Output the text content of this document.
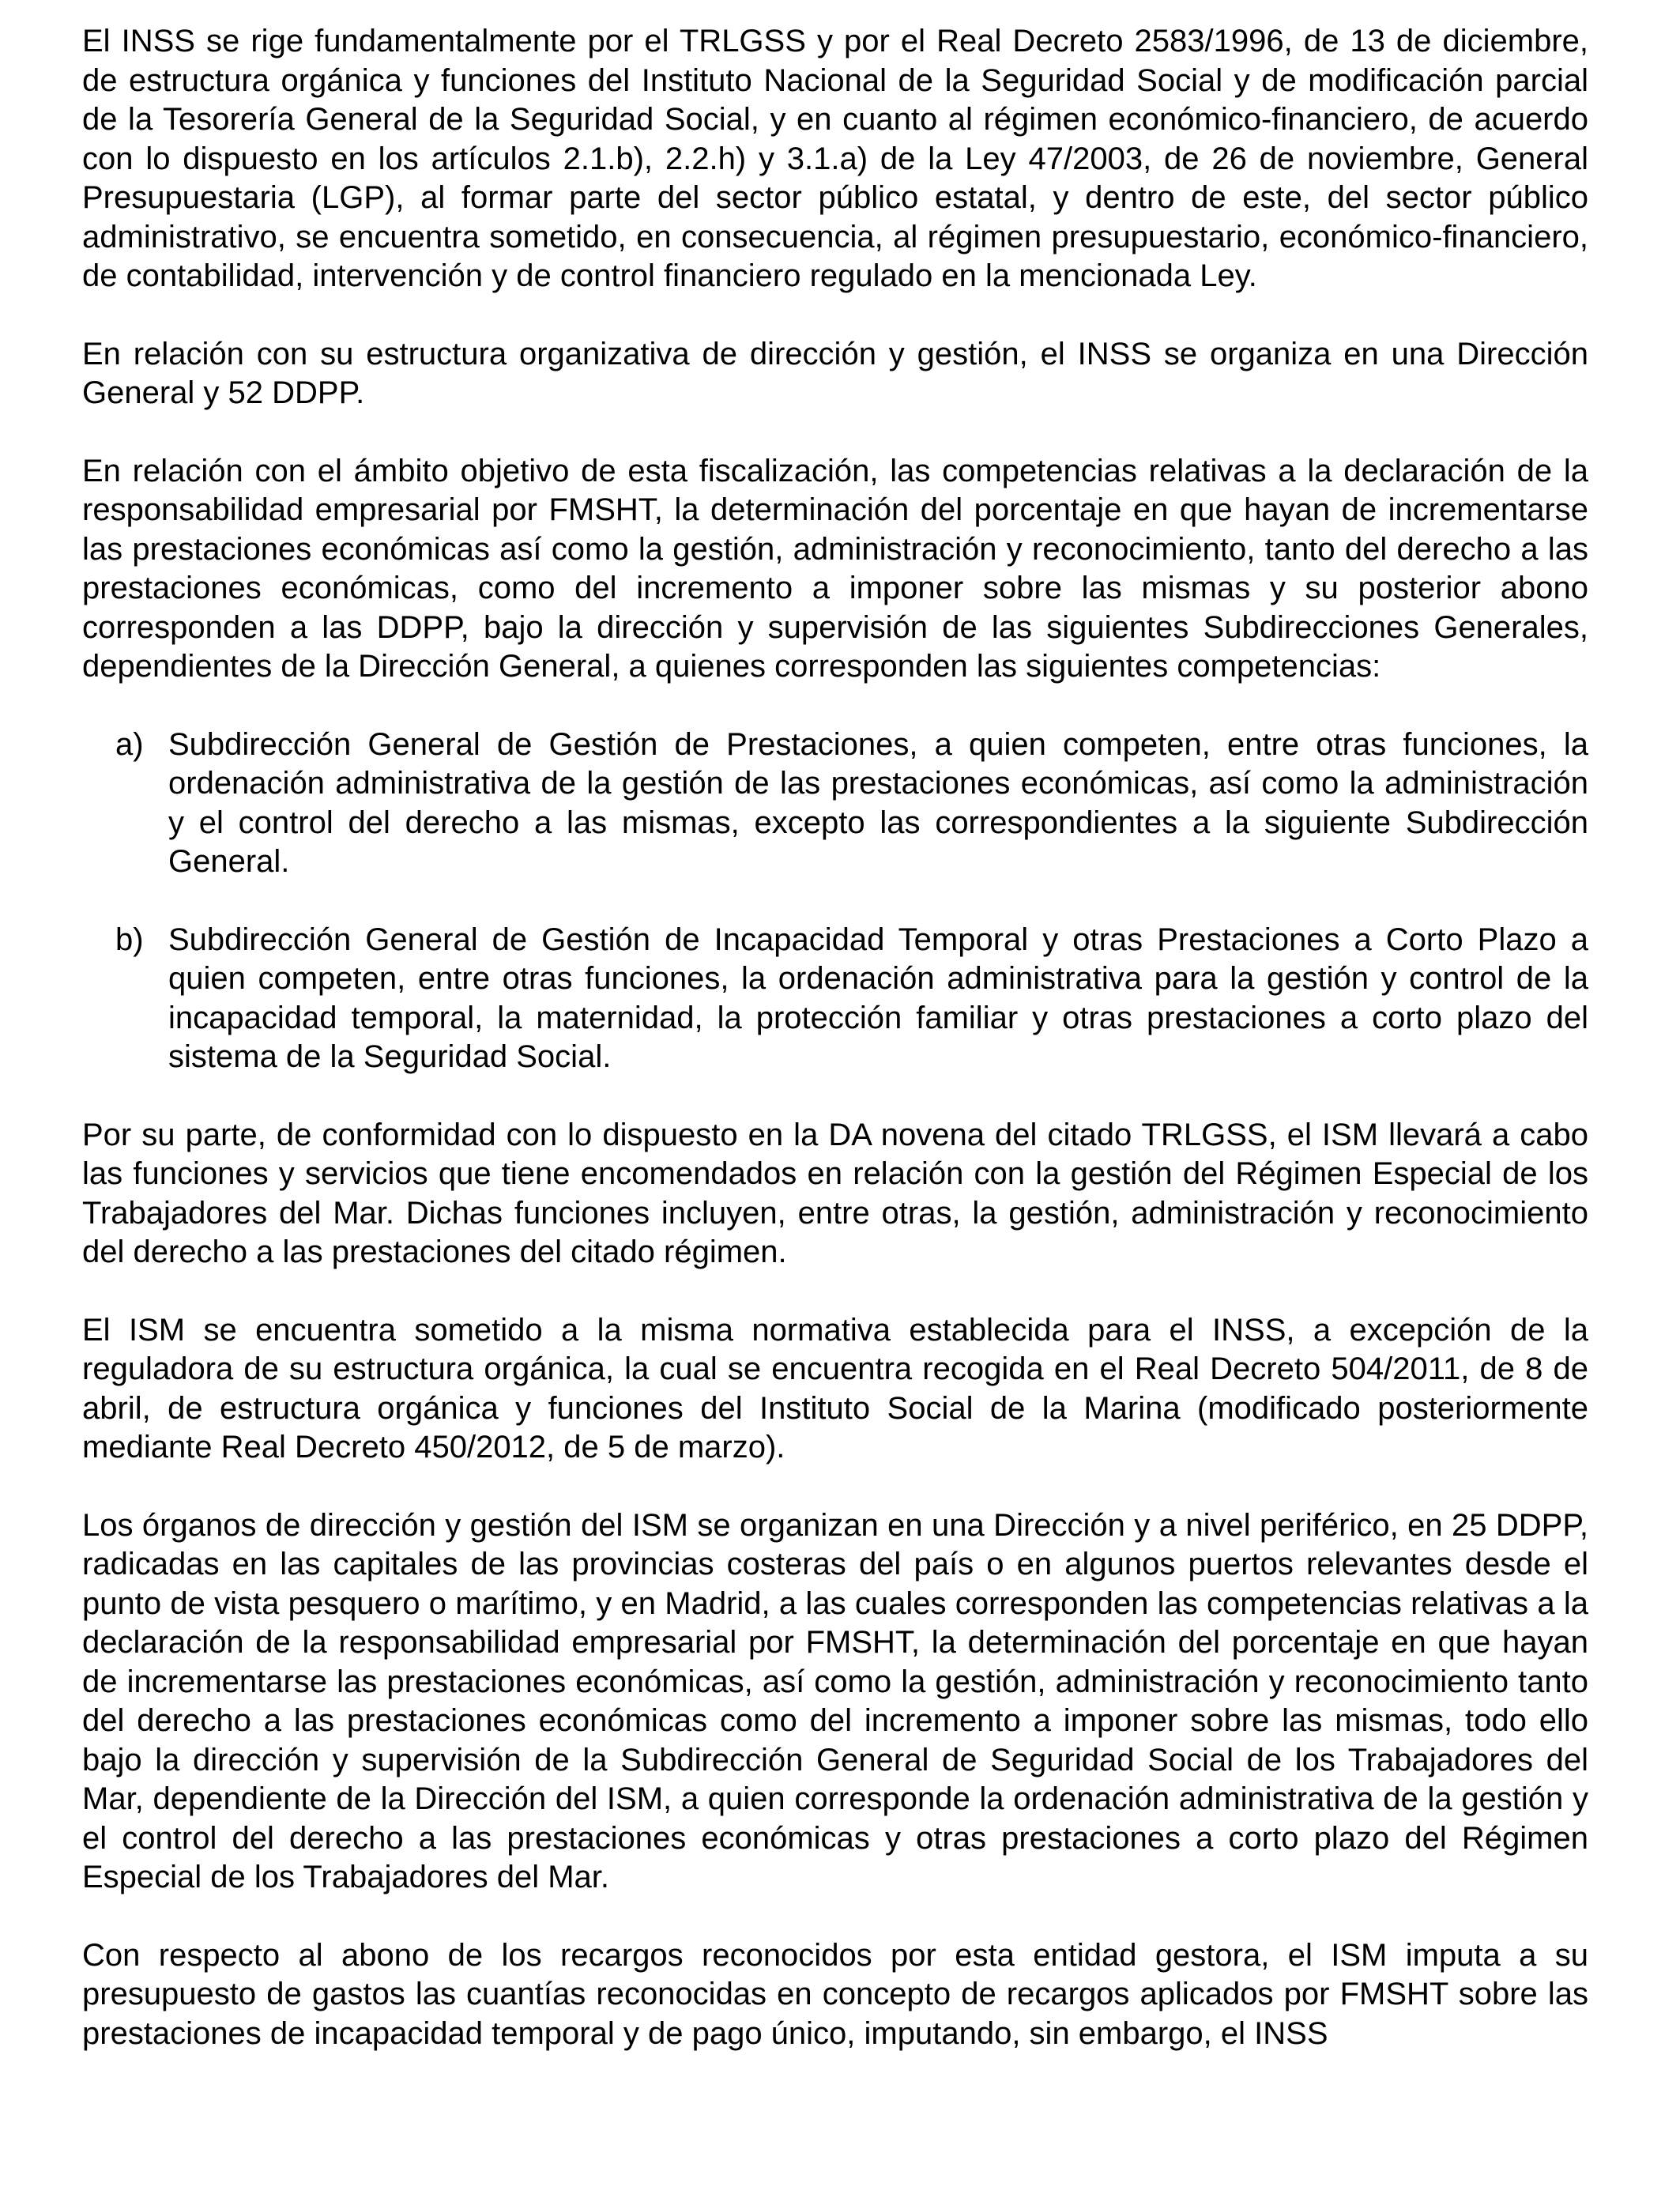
El INSS se rige fundamentalmente por el TRLGSS y por el Real Decreto 2583/1996, de 13 de diciembre, de estructura orgánica y funciones del Instituto Nacional de la Seguridad Social y de modificación parcial de la Tesorería General de la Seguridad Social, y en cuanto al régimen económico-financiero, de acuerdo con lo dispuesto en los artículos 2.1.b), 2.2.h) y 3.1.a) de la Ley 47/2003, de 26 de noviembre, General Presupuestaria (LGP), al formar parte del sector público estatal, y dentro de este, del sector público administrativo, se encuentra sometido, en consecuencia, al régimen presupuestario, económico-financiero, de contabilidad, intervención y de control financiero regulado en la mencionada Ley.

En relación con su estructura organizativa de dirección y gestión, el INSS se organiza en una Dirección General y 52 DDPP.

En relación con el ámbito objetivo de esta fiscalización, las competencias relativas a la declaración de la responsabilidad empresarial por FMSHT, la determinación del porcentaje en que hayan de incrementarse las prestaciones económicas así como la gestión, administración y reconocimiento, tanto del derecho a las prestaciones económicas, como del incremento a imponer sobre las mismas y su posterior abono corresponden a las DDPP, bajo la dirección y supervisión de las siguientes Subdirecciones Generales, dependientes de la Dirección General, a quienes corresponden las siguientes competencias:

a) Subdirección General de Gestión de Prestaciones, a quien competen, entre otras funciones, la ordenación administrativa de la gestión de las prestaciones económicas, así como la administración y el control del derecho a las mismas, excepto las correspondientes a la siguiente Subdirección General.
b) Subdirección General de Gestión de Incapacidad Temporal y otras Prestaciones a Corto Plazo a quien competen, entre otras funciones, la ordenación administrativa para la gestión y control de la incapacidad temporal, la maternidad, la protección familiar y otras prestaciones a corto plazo del sistema de la Seguridad Social.

Por su parte, de conformidad con lo dispuesto en la DA novena del citado TRLGSS, el ISM llevará a cabo las funciones y servicios que tiene encomendados en relación con la gestión del Régimen Especial de los Trabajadores del Mar. Dichas funciones incluyen, entre otras, la gestión, administración y reconocimiento del derecho a las prestaciones del citado régimen.

El ISM se encuentra sometido a la misma normativa establecida para el INSS, a excepción de la reguladora de su estructura orgánica, la cual se encuentra recogida en el Real Decreto 504/2011, de 8 de abril, de estructura orgánica y funciones del Instituto Social de la Marina (modificado posteriormente mediante Real Decreto 450/2012, de 5 de marzo).

Los órganos de dirección y gestión del ISM se organizan en una Dirección y a nivel periférico, en 25 DDPP, radicadas en las capitales de las provincias costeras del país o en algunos puertos relevantes desde el punto de vista pesquero o marítimo, y en Madrid, a las cuales corresponden las competencias relativas a la declaración de la responsabilidad empresarial por FMSHT, la determinación del porcentaje en que hayan de incrementarse las prestaciones económicas, así como la gestión, administración y reconocimiento tanto del derecho a las prestaciones económicas como del incremento a imponer sobre las mismas, todo ello bajo la dirección y supervisión de la Subdirección General de Seguridad Social de los Trabajadores del Mar, dependiente de la Dirección del ISM, a quien corresponde la ordenación administrativa de la gestión y el control del derecho a las prestaciones económicas y otras prestaciones a corto plazo del Régimen Especial de los Trabajadores del Mar.

Con respecto al abono de los recargos reconocidos por esta entidad gestora, el ISM imputa a su presupuesto de gastos las cuantías reconocidas en concepto de recargos aplicados por FMSHT sobre las prestaciones de incapacidad temporal y de pago único, imputando, sin embargo, el INSS
